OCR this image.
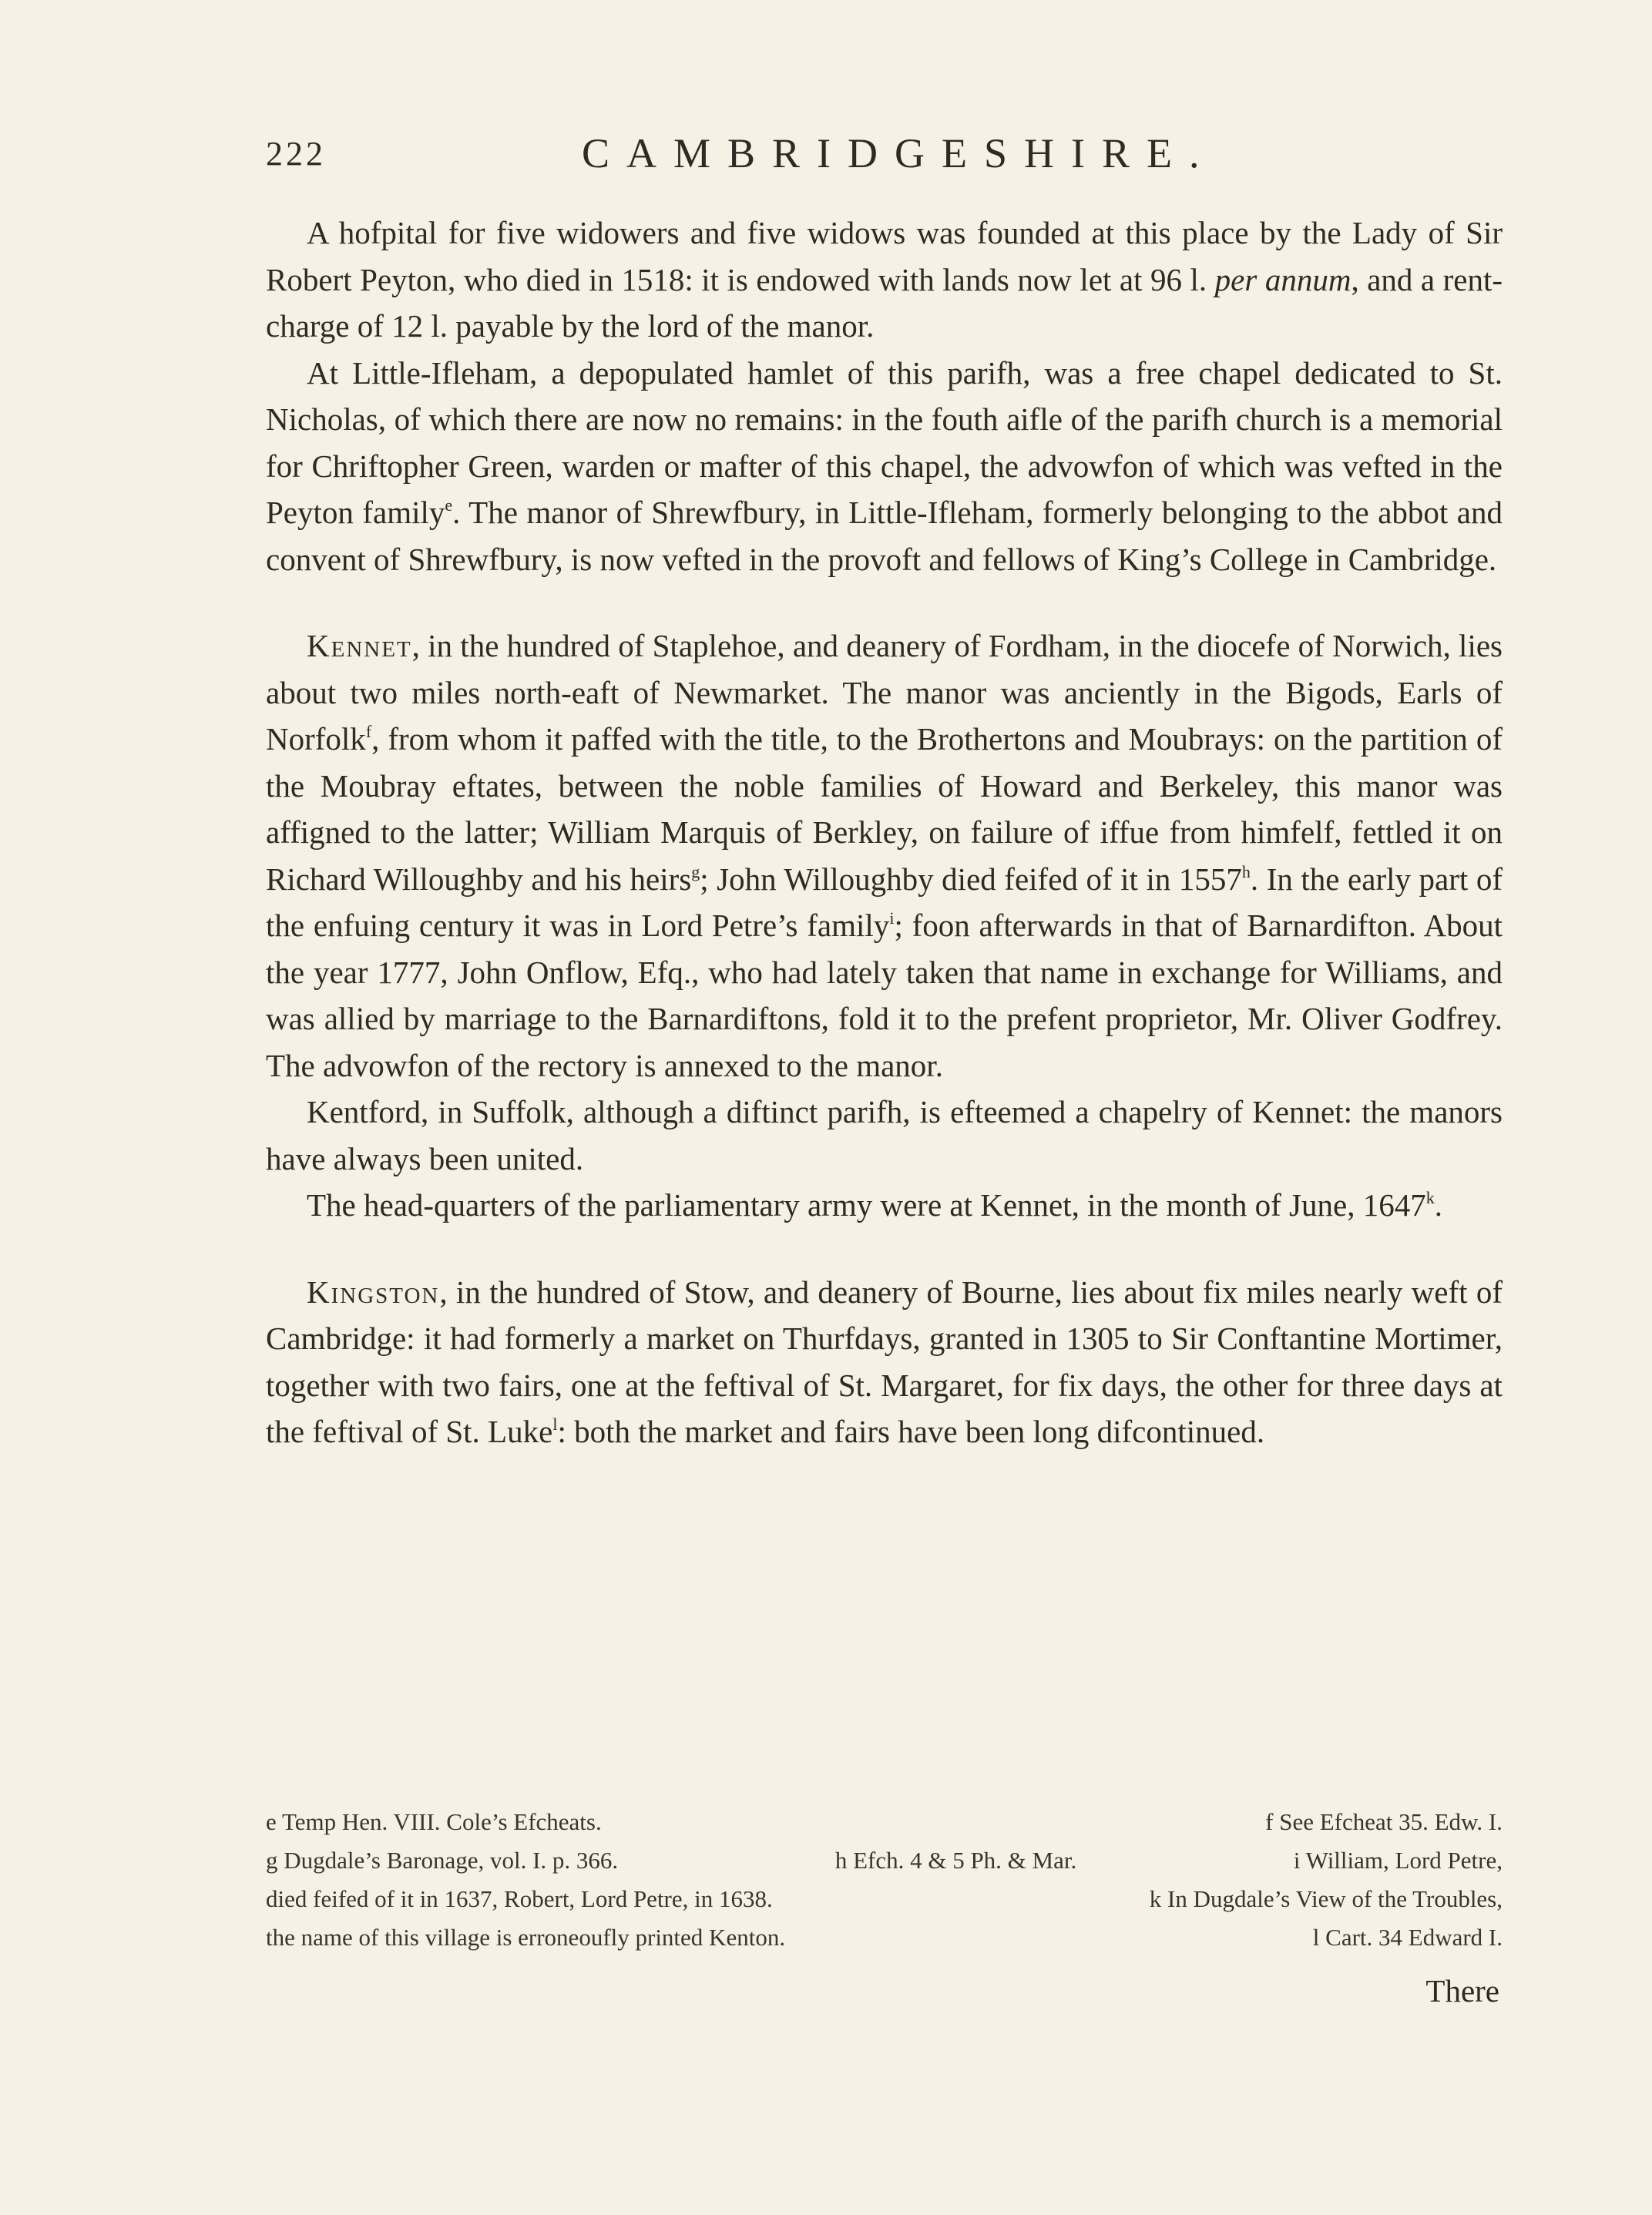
222	CAMBRIDGESHIRE.

A hofpital for five widowers and five widows was founded at this place by the Lady of Sir Robert Peyton, who died in 1518: it is endowed with lands now let at 96 l. per annum, and a rent-charge of 12 l. payable by the lord of the manor.

At Little-Ifleham, a depopulated hamlet of this parifh, was a free chapel dedicated to St. Nicholas, of which there are now no remains: in the fouth aifle of the parifh church is a memorial for Chriftopher Green, warden or mafter of this chapel, the advowfon of which was vefted in the Peyton family$^e$. The manor of Shrewfbury, in Little-Ifleham, formerly belonging to the abbot and convent of Shrewfbury, is now vefted in the provoft and fellows of King’s College in Cambridge.

Kennet, in the hundred of Staplehoe, and deanery of Fordham, in the diocefe of Norwich, lies about two miles north-eaft of Newmarket. The manor was anciently in the Bigods, Earls of Norfolk$^f$, from whom it paffed with the title, to the Brothertons and Moubrays: on the partition of the Moubray eftates, between the noble families of Howard and Berkeley, this manor was affigned to the latter; William Marquis of Berkley, on failure of iffue from himfelf, fettled it on Richard Willoughby and his heirs$^g$; John Willoughby died feifed of it in 1557$^h$. In the early part of the enfuing century it was in Lord Petre’s family$^i$; foon afterwards in that of Barnardifton. About the year 1777, John Onflow, Efq., who had lately taken that name in exchange for Williams, and was allied by marriage to the Barnardiftons, fold it to the prefent proprietor, Mr. Oliver Godfrey. The advowfon of the rectory is annexed to the manor.

Kentford, in Suffolk, although a diftinct parifh, is efteemed a chapelry of Kennet: the manors have always been united.

The head-quarters of the parliamentary army were at Kennet, in the month of June, 1647$^k$.

Kingston, in the hundred of Stow, and deanery of Bourne, lies about fix miles nearly weft of Cambridge: it had formerly a market on Thurfdays, granted in 1305 to Sir Conftantine Mortimer, together with two fairs, one at the feftival of St. Margaret, for fix days, the other for three days at the feftival of St. Luke$^l$: both the market and fairs have been long difcontinued.

e Temp Hen. VIII. Cole’s Efcheats.	f See Efcheat 35. Edw. I.
g Dugdale’s Baronage, vol. I. p. 366.	h Efch. 4 & 5 Ph. & Mar.	i William, Lord Petre,
died feifed of it in 1637, Robert, Lord Petre, in 1638.	k In Dugdale’s View of the Troubles,
the name of this village is erroneoufly printed Kenton.	l Cart. 34 Edward I.
There
